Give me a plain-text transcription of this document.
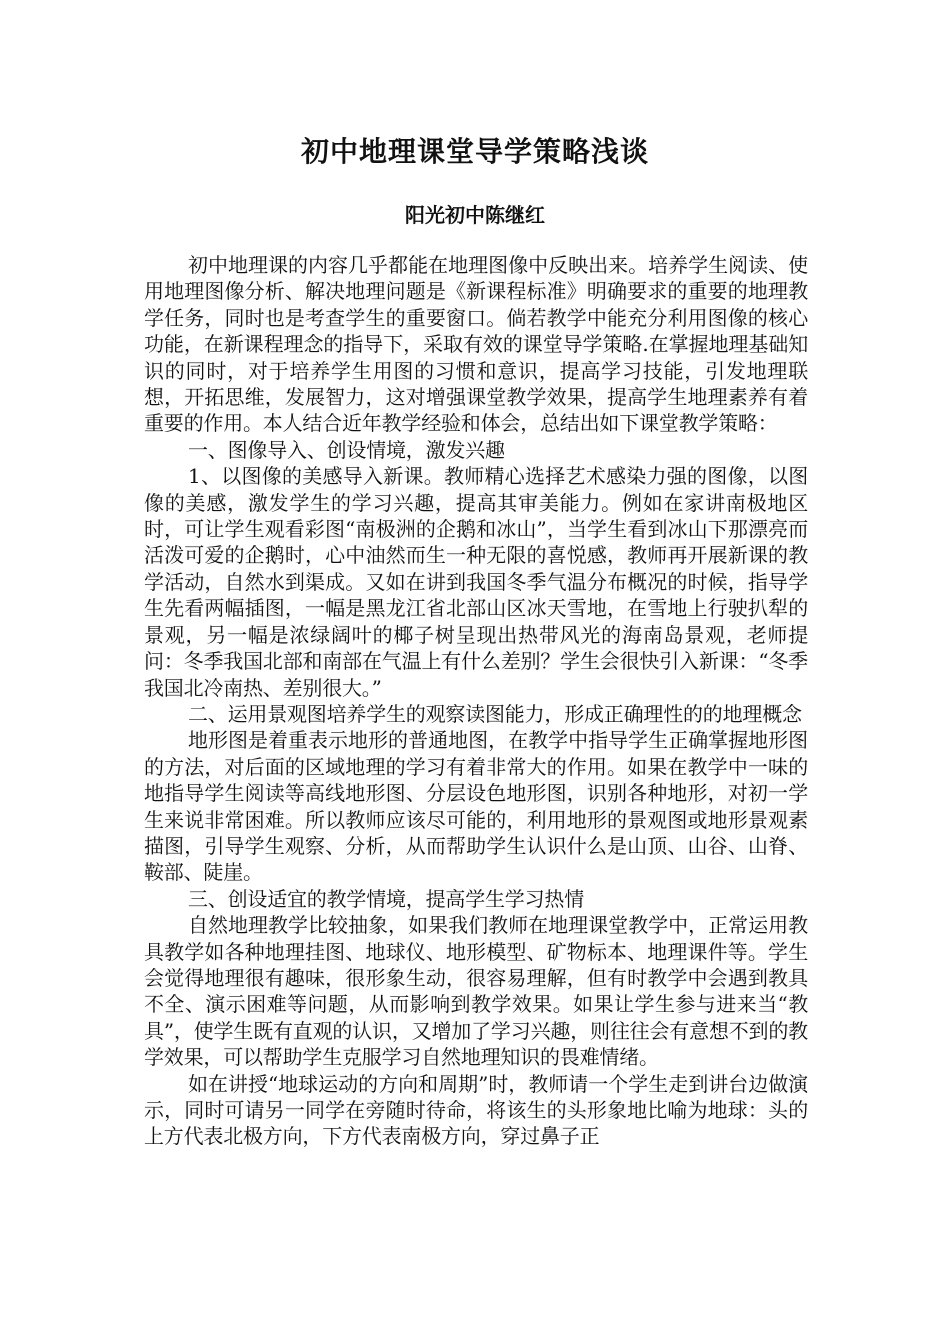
初中地理课堂导学策略浅谈
阳光初中陈继红

初中地理课的内容几乎都能在地理图像中反映出来。培养学生阅读、使用地理图像分析、解决地理问题是《新课程标准》明确要求的重要的地理教学任务，同时也是考查学生的重要窗口。倘若教学中能充分利用图像的核心功能，在新课程理念的指导下，采取有效的课堂导学策略.在掌握地理基础知识的同时，对于培养学生用图的习惯和意识，提高学习技能，引发地理联想，开拓思维，发展智力，这对增强课堂教学效果，提高学生地理素养有着重要的作用。本人结合近年教学经验和体会，总结出如下课堂教学策略：

一、图像导入、创设情境，激发兴趣

1、以图像的美感导入新课。教师精心选择艺术感染力强的图像，以图像的美感，激发学生的学习兴趣，提高其审美能力。例如在家讲南极地区时，可让学生观看彩图“南极洲的企鹅和冰山”，当学生看到冰山下那漂亮而活泼可爱的企鹅时，心中油然而生一种无限的喜悦感，教师再开展新课的教学活动，自然水到渠成。又如在讲到我国冬季气温分布概况的时候，指导学生先看两幅插图，一幅是黑龙江省北部山区冰天雪地，在雪地上行驶扒犁的景观，另一幅是浓绿阔叶的椰子树呈现出热带风光的海南岛景观，老师提问：冬季我国北部和南部在气温上有什么差别？学生会很快引入新课：“冬季我国北冷南热、差别很大。”

二、运用景观图培养学生的观察读图能力，形成正确理性的的地理概念

地形图是着重表示地形的普通地图，在教学中指导学生正确掌握地形图的方法，对后面的区域地理的学习有着非常大的作用。如果在教学中一味的地指导学生阅读等高线地形图、分层设色地形图，识别各种地形，对初一学生来说非常困难。所以教师应该尽可能的，利用地形的景观图或地形景观素描图，引导学生观察、分析，从而帮助学生认识什么是山顶、山谷、山脊、鞍部、陡崖。

三、创设适宜的教学情境，提高学生学习热情

自然地理教学比较抽象，如果我们教师在地理课堂教学中，正常运用教具教学如各种地理挂图、地球仪、地形模型、矿物标本、地理课件等。学生会觉得地理很有趣味，很形象生动，很容易理解，但有时教学中会遇到教具不全、演示困难等问题，从而影响到教学效果。如果让学生参与进来当“教具”，使学生既有直观的认识，又增加了学习兴趣，则往往会有意想不到的教学效果，可以帮助学生克服学习自然地理知识的畏难情绪。

如在讲授“地球运动的方向和周期”时，教师请一个学生走到讲台边做演示，同时可请另一同学在旁随时待命，将该生的头形象地比喻为地球：头的上方代表北极方向，下方代表南极方向，穿过鼻子正
